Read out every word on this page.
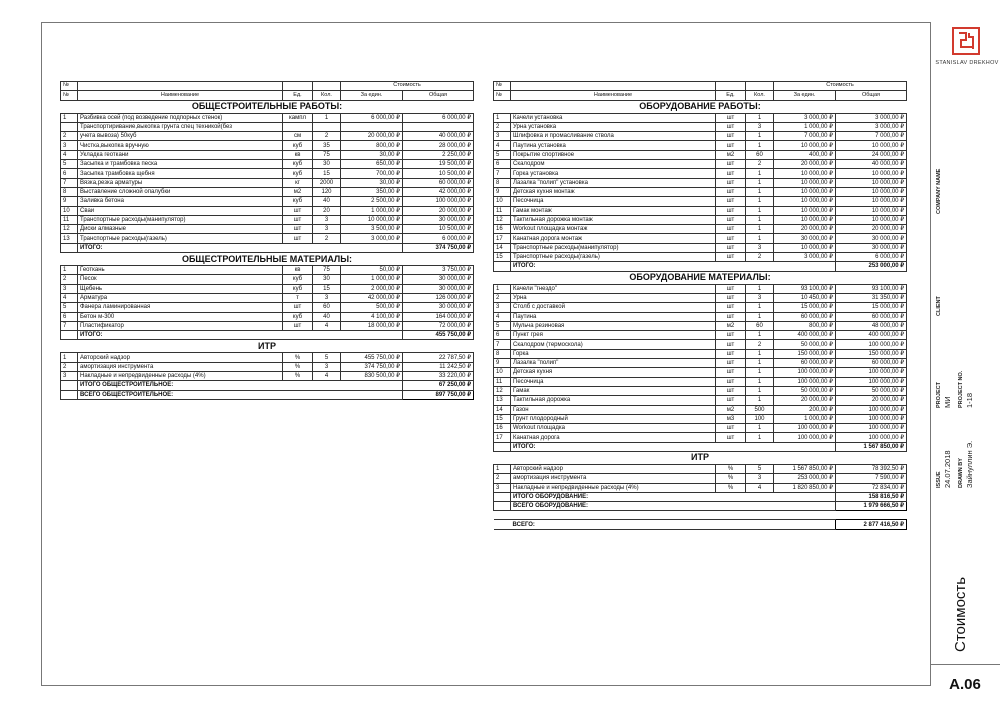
№				Стоимость	
№	Наименование	Ед.	Кол.	За един.	Общая
ОБЩЕСТРОИТЕЛЬНЫЕ РАБОТЫ:					
1	Разбивка осей (под возведение подпорных стенок)	кампл	1	6 000,00 ₽	6 000,00 ₽
	Транспортиривание,выкопка грунта спец техникой(без				
2	учета вывоза) 50куб	см	2	20 000,00 ₽	40 000,00 ₽
3	Чистка,выкопка вручную	куб	35	800,00 ₽	28 000,00 ₽
4	Укладка геоткани	кв	75	30,00 ₽	2 250,00 ₽
5	Засыпка и трамбовка песка	куб	30	650,00 ₽	19 500,00 ₽
6	Засыпка трамбовка щебня	куб	15	700,00 ₽	10 500,00 ₽
7	Вязка,резка арматуры	кг	2000	30,00 ₽	60 000,00 ₽
8	Выставление сложной опалубки	м2	120	350,00 ₽	42 000,00 ₽
9	Заливка бетона	куб	40	2 500,00 ₽	100 000,00 ₽
10	Сваи	шт	20	1 000,00 ₽	20 000,00 ₽
11	Транспортные расходы(манипулятор)	шт	3	10 000,00 ₽	30 000,00 ₽
12	Диски алмазные	шт	3	3 500,00 ₽	10 500,00 ₽
13	Транспортные расходы(газель)	шт	2	3 000,00 ₽	6 000,00 ₽
	ИТОГО:				374 750,00 ₽
ОБЩЕСТРОИТЕЛЬНЫЕ МАТЕРИАЛЫ:					
1	Геоткань	кв	75	50,00 ₽	3 750,00 ₽
2	Песок	куб	30	1 000,00 ₽	30 000,00 ₽
3	Щебень	куб	15	2 000,00 ₽	30 000,00 ₽
4	Арматура	т	3	42 000,00 ₽	126 000,00 ₽
5	Фанера ламинированная	шт	60	500,00 ₽	30 000,00 ₽
6	Бетон м-300	куб	40	4 100,00 ₽	164 000,00 ₽
7	Пластификатор	шт	4	18 000,00 ₽	72 000,00 ₽
	ИТОГО:				455 750,00 ₽
ИТР					
1	Авторский надзор	%	5	455 750,00 ₽	22 787,50 ₽
2	амортизация инструмента	%	3	374 750,00 ₽	11 242,50 ₽
3	Накладные и непредвиденные расходы (4%)	%	4	830 500,00 ₽	33 220,00 ₽
	ИТОГО ОБЩЕСТРОИТЕЛЬНОЕ:				67 250,00 ₽
	ВСЕГО ОБЩЕСТРОИТЕЛЬНОЕ:				897 750,00 ₽
№				Стоимость	
№	Наименование	Ед.	Кол.	За един.	Общая
ОБОРУДОВАНИЕ РАБОТЫ:					
1	Качели установка	шт	1	3 000,00 ₽	3 000,00 ₽
2	Урна установка	шт	3	1 000,00 ₽	3 000,00 ₽
3	Шлифовка и промасливание ствола	шт	1	7 000,00 ₽	7 000,00 ₽
4	Паутина установка	шт	1	10 000,00 ₽	10 000,00 ₽
5	Покрытие спортивное	м2	60	400,00 ₽	24 000,00 ₽
6	Скалодром	шт	2	20 000,00 ₽	40 000,00 ₽
7	Горка установка	шт	1	10 000,00 ₽	10 000,00 ₽
8	Лазалка "полип" установка	шт	1	10 000,00 ₽	10 000,00 ₽
9	Детская кухня монтаж	шт	1	10 000,00 ₽	10 000,00 ₽
10	Песочница	шт	1	10 000,00 ₽	10 000,00 ₽
11	Гамак монтаж	шт	1	10 000,00 ₽	10 000,00 ₽
12	Тактильная дорожка монтаж	шт	1	10 000,00 ₽	10 000,00 ₽
16	Workout площадка монтаж	шт	1	20 000,00 ₽	20 000,00 ₽
17	Канатная дорога монтаж	шт	1	30 000,00 ₽	30 000,00 ₽
14	Транспортные расходы(манипулятор)	шт	3	10 000,00 ₽	30 000,00 ₽
15	Транспортные расходы(газель)	шт	2	3 000,00 ₽	6 000,00 ₽
	ИТОГО:				253 000,00 ₽
ОБОРУДОВАНИЕ МАТЕРИАЛЫ:					
1	Качели "гнездо"	шт	1	93 100,00 ₽	93 100,00 ₽
2	Урна	шт	3	10 450,00 ₽	31 350,00 ₽
3	Столб с доставкой	шт	1	15 000,00 ₽	15 000,00 ₽
4	Паутина	шт	1	60 000,00 ₽	60 000,00 ₽
5	Мульча резиновая	м2	60	800,00 ₽	48 000,00 ₽
6	Пункт грея	шт	1	400 000,00 ₽	400 000,00 ₽
7	Скалодром (термоскола)	шт	2	50 000,00 ₽	100 000,00 ₽
8	Горка	шт	1	150 000,00 ₽	150 000,00 ₽
9	Лазалка "полип"	шт	1	60 000,00 ₽	60 000,00 ₽
10	Детская кухня	шт	1	100 000,00 ₽	100 000,00 ₽
11	Песочница	шт	1	100 000,00 ₽	100 000,00 ₽
12	Гамак	шт	1	50 000,00 ₽	50 000,00 ₽
13	Тактильная дорожка	шт	1	20 000,00 ₽	20 000,00 ₽
14	Газон	м2	500	200,00 ₽	100 000,00 ₽
15	Грунт плодородный	м3	100	1 000,00 ₽	100 000,00 ₽
16	Workout площадка	шт	1	100 000,00 ₽	100 000,00 ₽
17	Канатная дорога	шт	1	100 000,00 ₽	100 000,00 ₽
	ИТОГО:				1 567 850,00 ₽
ИТР					
1	Авторский надзор	%	5	1 567 850,00 ₽	78 392,50 ₽
2	амортизация инструмента	%	3	253 000,00 ₽	7 590,00 ₽
3	Накладные и непредвиденные расходы (4%)	%	4	1 820 850,00 ₽	72 834,00 ₽
	ИТОГО ОБОРУДОВАНИЕ:				158 816,50 ₽
	ВСЕГО ОБОРУДОВАНИЕ:				1 979 666,50 ₽

	ВСЕГО:				2 877 416,50 ₽
STANISLAV DREKHOV
COMPANY NAME
CLIENT
PROJECT МИ PROJECT NO. 1-18
ISSUE 24.07.2018 DRAWN BY Зайнуллин Э.
Стоимость
А.06
